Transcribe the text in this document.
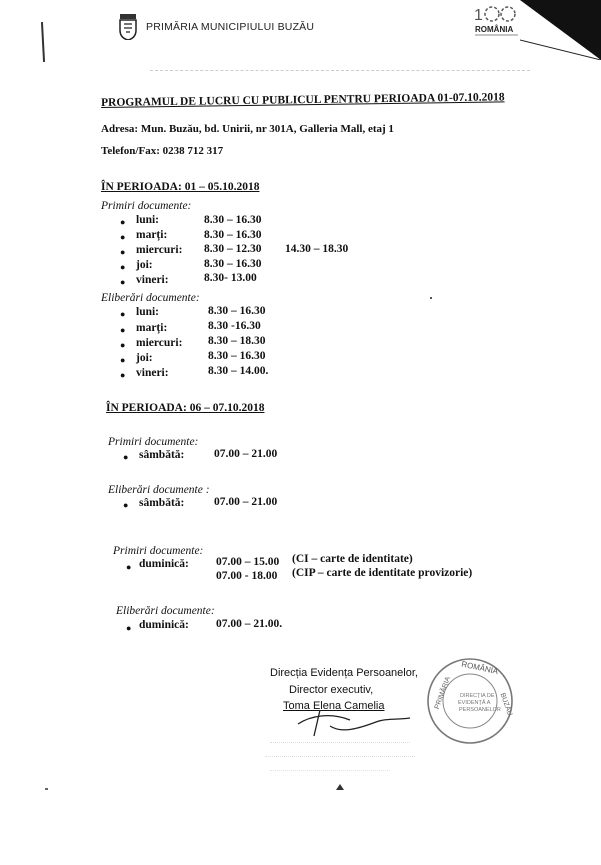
PRIMĂRIA MUNICIPIULUI BUZĂU
1
ROMÂNIA
PROGRAMUL DE LUCRU CU PUBLICUL PENTRU PERIOADA 01-07.10.2018
Adresa: Mun. Buzău, bd. Unirii, nr 301A, Galleria Mall, etaj 1
Telefon/Fax: 0238 712 317
ÎN PERIOADA: 01 – 05.10.2018
Primiri documente:
● luni:	8.30 – 16.30
● marți:	8.30 – 16.30
● miercuri: 8.30 – 12.30 14.30 – 18.30
● joi:	8.30 – 16.30
● vineri:	8.30- 13.00
Eliberări documente:
● luni:	8.30 – 16.30
● marți:	8.30 -16.30
● miercuri: 8.30 – 18.30
● joi:	8.30 – 16.30
● vineri:	8.30 – 14.00.
ÎN PERIOADA: 06 – 07.10.2018
Primiri documente:
● sâmbătă:	07.00 – 21.00
Eliberări documente :
● sâmbătă:	07.00 – 21.00
Primiri documente:
● duminică: 07.00 – 15.00 (CI – carte de identitate)
07.00 - 18.00 (CIP – carte de identitate provizorie)
Eliberări documente:
● duminică: 07.00 – 21.00.
Direcția Evidența Persoanelor,
Director executiv,
Toma Elena Camelia
ROMÂNIA
DIRECȚIA DE
EVIDENȚĂ A
PERSOANELOR
PRIMĂRIA	BUZĂU
